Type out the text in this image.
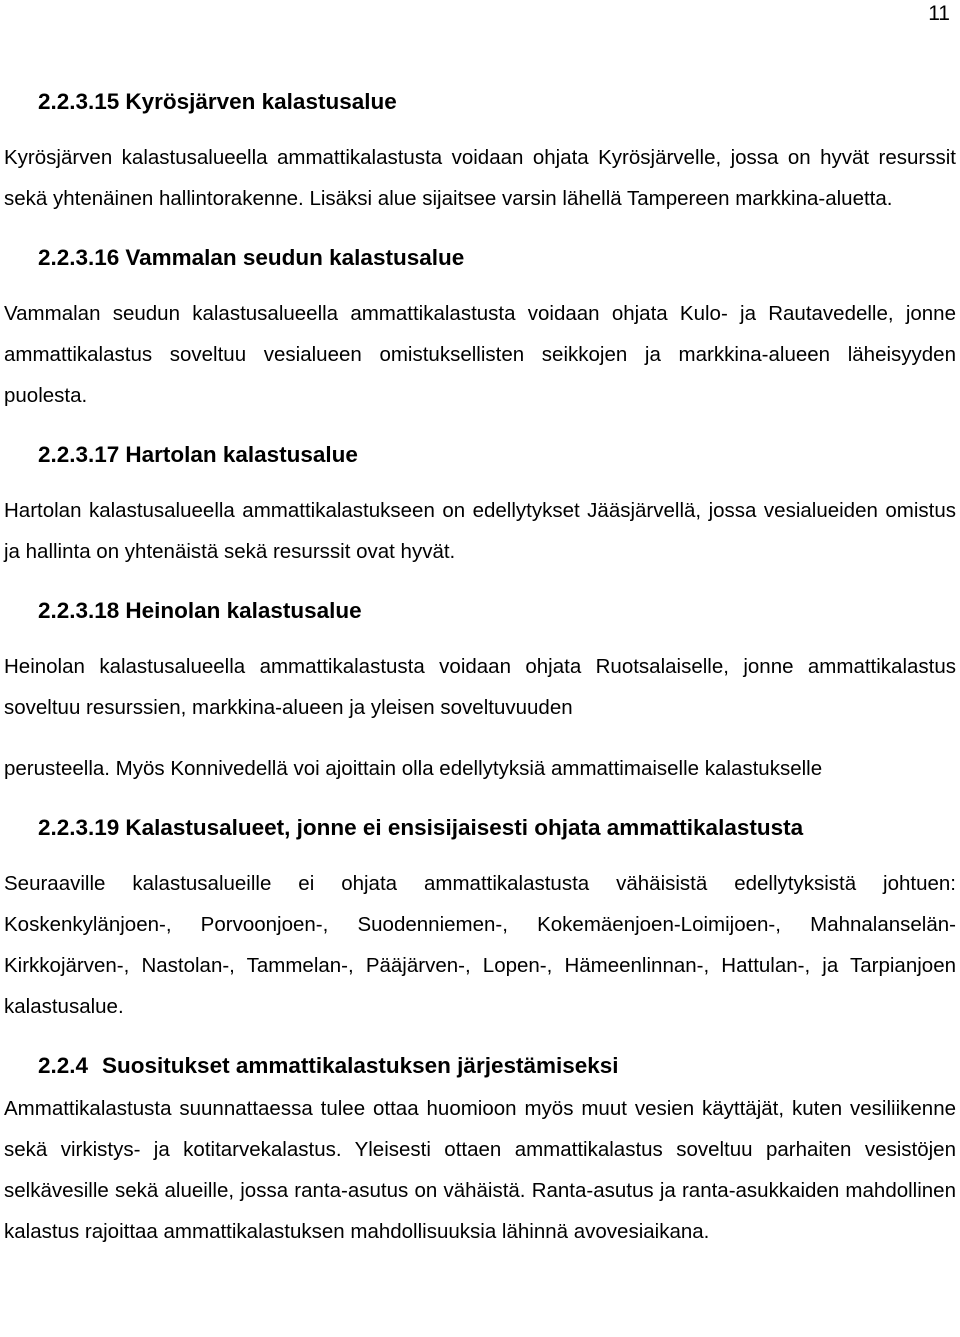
11
2.2.3.15 Kyrösjärven kalastusalue

Kyrösjärven kalastusalueella ammattikalastusta voidaan ohjata Kyrösjärvelle, jossa on hyvät resurssit sekä yhtenäinen hallintorakenne. Lisäksi alue sijaitsee varsin lähellä Tampereen markkina-aluetta.

2.2.3.16 Vammalan seudun kalastusalue

Vammalan seudun kalastusalueella ammattikalastusta voidaan ohjata Kulo- ja Rautavedelle, jonne ammattikalastus soveltuu vesialueen omistuksellisten seikkojen ja markkina-alueen läheisyyden puolesta.

2.2.3.17 Hartolan kalastusalue

Hartolan kalastusalueella ammattikalastukseen on edellytykset Jääsjärvellä, jossa vesialueiden omistus ja hallinta on yhtenäistä sekä resurssit ovat hyvät.

2.2.3.18 Heinolan kalastusalue

Heinolan kalastusalueella ammattikalastusta voidaan ohjata Ruotsalaiselle, jonne ammattikalastus soveltuu resurssien, markkina-alueen ja yleisen soveltuvuuden

perusteella. Myös Konnivedellä voi ajoittain olla edellytyksiä ammattimaiselle kalastukselle

2.2.3.19 Kalastusalueet, jonne ei ensisijaisesti ohjata ammattikalastusta

Seuraaville kalastusalueille ei ohjata ammattikalastusta vähäisistä edellytyksistä johtuen: Koskenkylänjoen-, Porvoonjoen-, Suodenniemen-, Kokemäenjoen-Loimijoen-, Mahnalanselän-Kirkkojärven-, Nastolan-, Tammelan-, Pääjärven-, Lopen-, Hämeenlinnan-, Hattulan-, ja Tarpianjoen kalastusalue.

2.2.4 Suositukset ammattikalastuksen järjestämiseksi

Ammattikalastusta suunnattaessa tulee ottaa huomioon myös muut vesien käyttäjät, kuten vesiliikenne sekä virkistys- ja kotitarvekalastus. Yleisesti ottaen ammattikalastus soveltuu parhaiten vesistöjen selkävesille sekä alueille, jossa ranta-asutus on vähäistä. Ranta-asutus ja ranta-asukkaiden mahdollinen kalastus rajoittaa ammattikalastuksen mahdollisuuksia lähinnä avovesiaikana.
